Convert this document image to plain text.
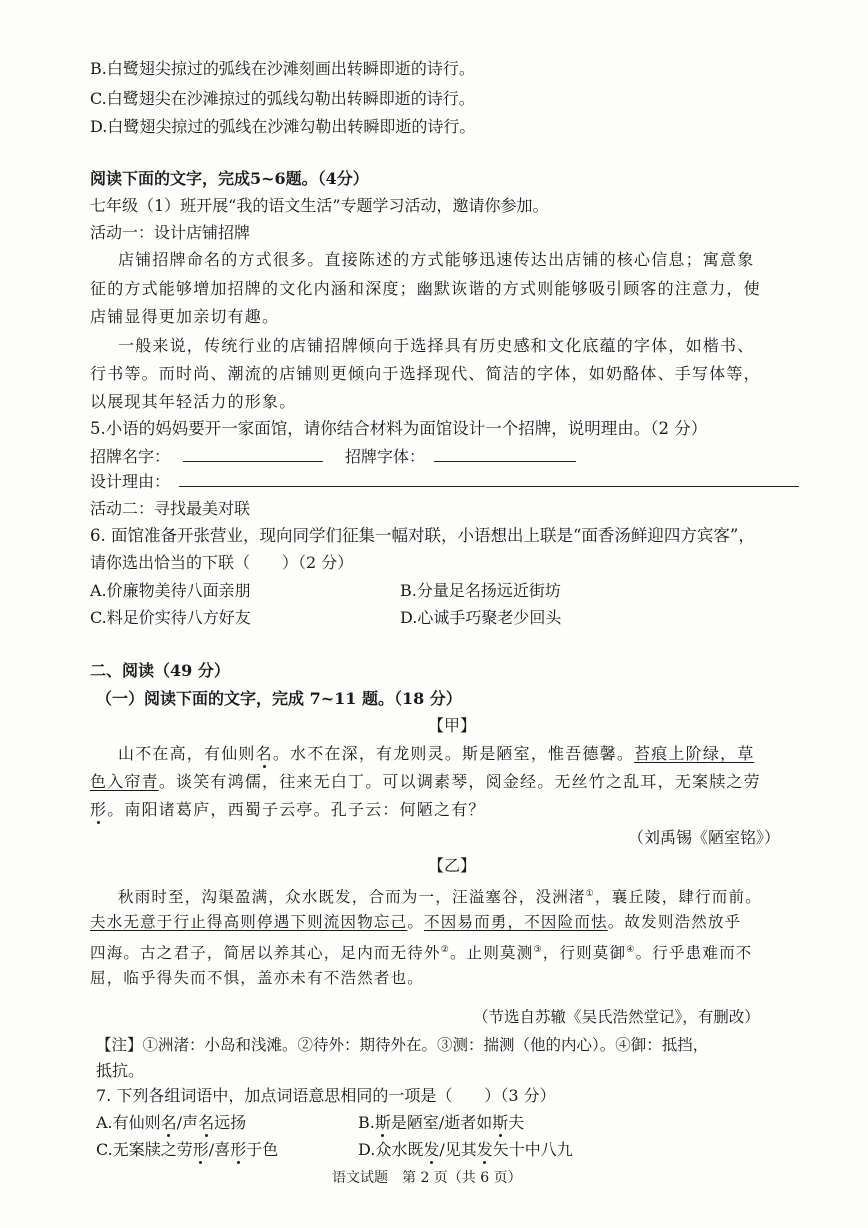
B.白鹭翅尖掠过的弧线在沙滩刻画出转瞬即逝的诗行。
C.白鹭翅尖在沙滩掠过的弧线勾勒出转瞬即逝的诗行。
D.白鹭翅尖掠过的弧线在沙滩勾勒出转瞬即逝的诗行。
阅读下面的文字，完成5~6题。（4分）
七年级（1）班开展“我的语文生活”专题学习活动，邀请你参加。
活动一：设计店铺招牌
店铺招牌命名的方式很多。直接陈述的方式能够迅速传达出店铺的核心信息；寓意象
征的方式能够增加招牌的文化内涵和深度；幽默诙谐的方式则能够吸引顾客的注意力，使
店铺显得更加亲切有趣。
一般来说，传统行业的店铺招牌倾向于选择具有历史感和文化底蕴的字体，如楷书、
行书等。而时尚、潮流的店铺则更倾向于选择现代、简洁的字体，如奶酪体、手写体等，
以展现其年轻活力的形象。
5.小语的妈妈要开一家面馆，请你结合材料为面馆设计一个招牌，说明理由。（2 分）
招牌名字：	招牌字体：
设计理由：
活动二：寻找最美对联
6. 面馆准备开张营业，现向同学们征集一幅对联，小语想出上联是“面香汤鲜迎四方宾客”，
请你选出恰当的下联（　　）（2 分）
A.价廉物美待八面亲朋	B.分量足名扬远近街坊
C.料足价实待八方好友	D.心诚手巧聚老少回头
二、阅读（49 分）
（一）阅读下面的文字，完成 7~11 题。（18 分）
【甲】
山不在高，有仙则名。水不在深，有龙则灵。斯是陋室，惟吾德馨。苔痕上阶绿，草
色入帘青。谈笑有鸿儒，往来无白丁。可以调素琴，阅金经。无丝竹之乱耳，无案牍之劳
形。南阳诸葛庐，西蜀子云亭。孔子云：何陋之有？
（刘禹锡《陋室铭》）
【乙】
秋雨时至，沟渠盈满，众水既发，合而为一，汪溢塞谷，没洲渚①，襄丘陵，肆行而前。
夫水无意于行止得高则停遇下则流因物忘己。不因易而勇，不因险而怯。故发则浩然放乎
四海。古之君子，简居以养其心，足内而无待外②。止则莫测③，行则莫御④。行乎患难而不
屈，临乎得失而不惧，盖亦未有不浩然者也。
（节选自苏辙《吴氏浩然堂记》，有删改）
【注】①洲渚：小岛和浅滩。②待外：期待外在。③测：揣测（他的内心）。④御：抵挡，
抵抗。
7. 下列各组词语中，加点词语意思相同的一项是（　　）（3 分）
A.有仙则名/声名远扬	B.斯是陋室/逝者如斯夫
C.无案牍之劳形/喜形于色	D.众水既发/见其发矢十中八九
语文试题　第 2 页（共 6 页）
